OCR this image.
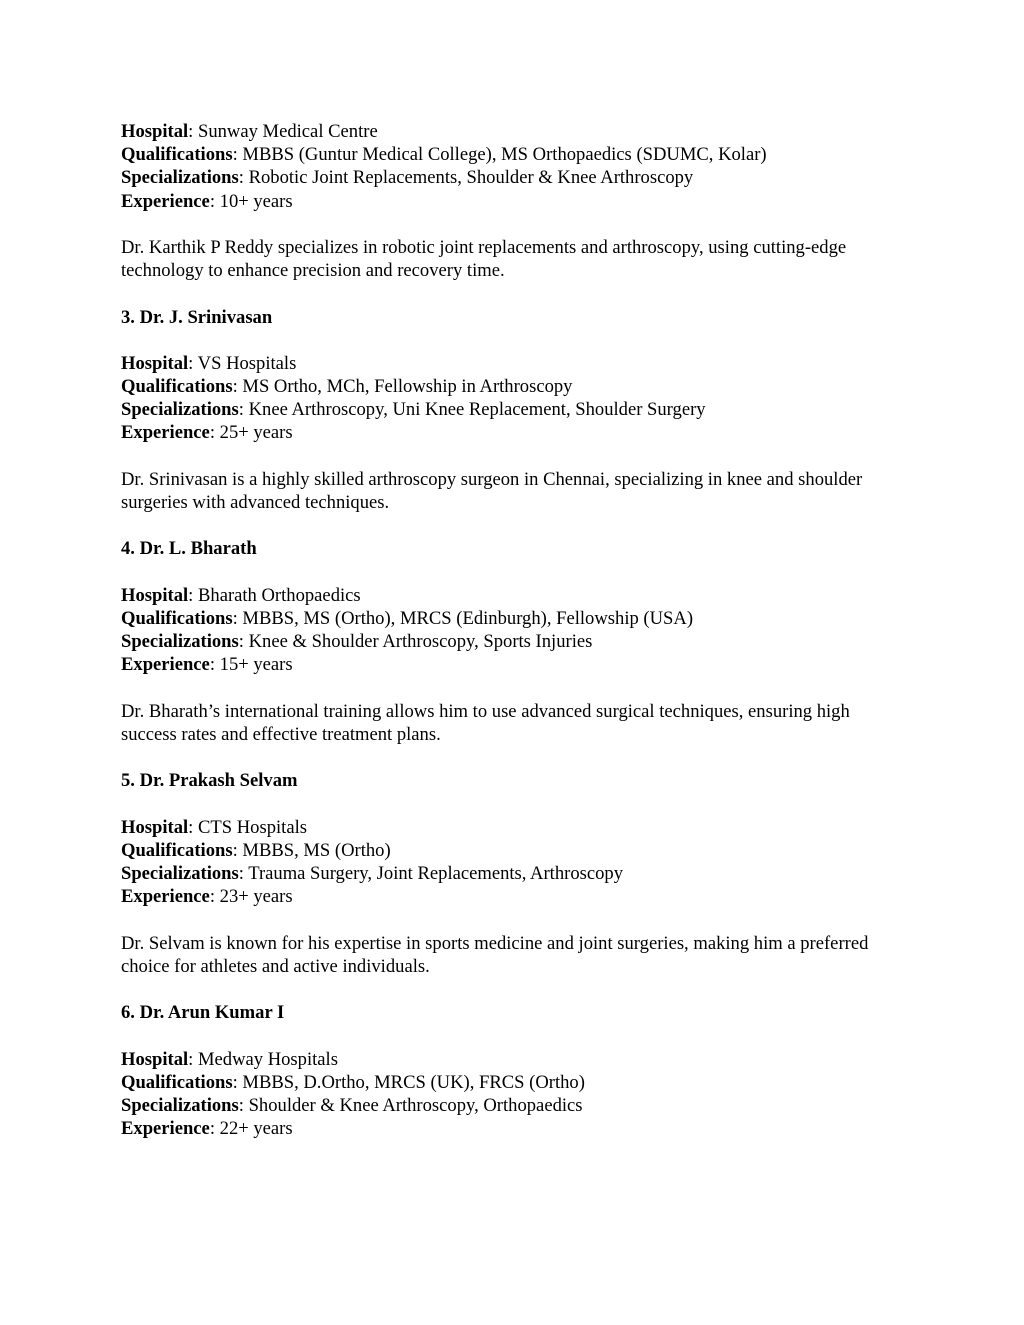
Hospital: Sunway Medical Centre
Qualifications: MBBS (Guntur Medical College), MS Orthopaedics (SDUMC, Kolar)
Specializations: Robotic Joint Replacements, Shoulder & Knee Arthroscopy
Experience: 10+ years
Dr. Karthik P Reddy specializes in robotic joint replacements and arthroscopy, using cutting-edge technology to enhance precision and recovery time.
3. Dr. J. Srinivasan
Hospital: VS Hospitals
Qualifications: MS Ortho, MCh, Fellowship in Arthroscopy
Specializations: Knee Arthroscopy, Uni Knee Replacement, Shoulder Surgery
Experience: 25+ years
Dr. Srinivasan is a highly skilled arthroscopy surgeon in Chennai, specializing in knee and shoulder surgeries with advanced techniques.
4. Dr. L. Bharath
Hospital: Bharath Orthopaedics
Qualifications: MBBS, MS (Ortho), MRCS (Edinburgh), Fellowship (USA)
Specializations: Knee & Shoulder Arthroscopy, Sports Injuries
Experience: 15+ years
Dr. Bharath’s international training allows him to use advanced surgical techniques, ensuring high success rates and effective treatment plans.
5. Dr. Prakash Selvam
Hospital: CTS Hospitals
Qualifications: MBBS, MS (Ortho)
Specializations: Trauma Surgery, Joint Replacements, Arthroscopy
Experience: 23+ years
Dr. Selvam is known for his expertise in sports medicine and joint surgeries, making him a preferred choice for athletes and active individuals.
6. Dr. Arun Kumar I
Hospital: Medway Hospitals
Qualifications: MBBS, D.Ortho, MRCS (UK), FRCS (Ortho)
Specializations: Shoulder & Knee Arthroscopy, Orthopaedics
Experience: 22+ years
